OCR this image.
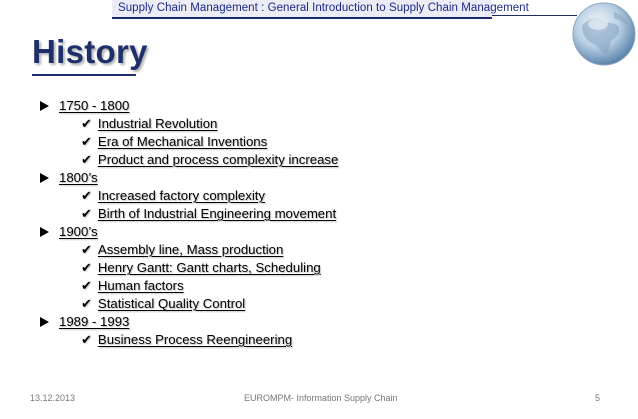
Supply Chain Management : General Introduction to Supply Chain Management
History
1750 - 1800
✔ Industrial Revolution
✔ Era of Mechanical Inventions
✔ Product and process complexity increase
1800’s
✔ Increased factory complexity
✔ Birth of Industrial Engineering movement
1900’s
✔ Assembly line, Mass production
✔ Henry Gantt: Gantt charts, Scheduling
✔ Human factors
✔ Statistical Quality Control
1989 - 1993
✔ Business Process Reengineering
13.12.2013	EUROMPM- Information Supply Chain	5
